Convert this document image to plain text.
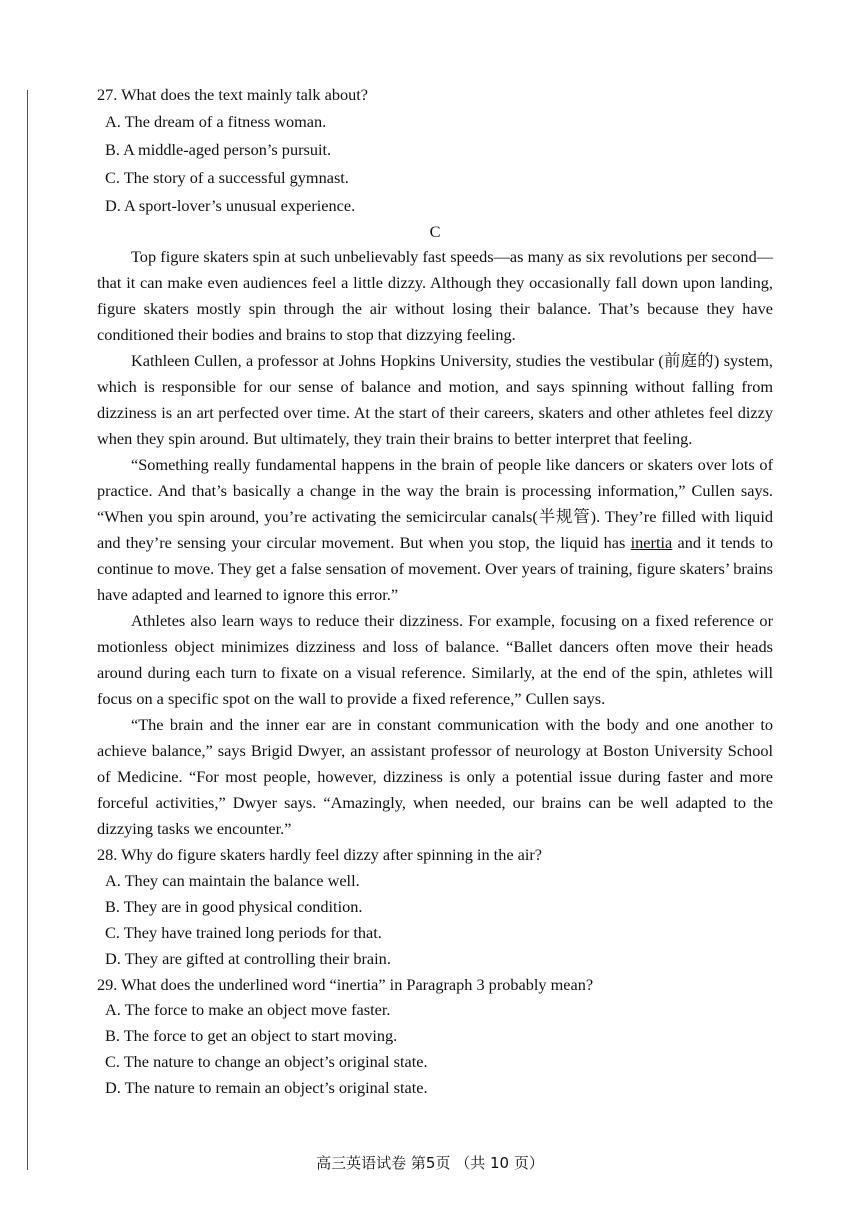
27. What does the text mainly talk about?

A. The dream of a fitness woman.

B. A middle-aged person’s pursuit.

C. The story of a successful gymnast.

D. A sport-lover’s unusual experience.

C

Top figure skaters spin at such unbelievably fast speeds—as many as six revolutions per second—that it can make even audiences feel a little dizzy. Although they occasionally fall down upon landing, figure skaters mostly spin through the air without losing their balance. That’s because they have conditioned their bodies and brains to stop that dizzying feeling.

Kathleen Cullen, a professor at Johns Hopkins University, studies the vestibular (前庭的) system, which is responsible for our sense of balance and motion, and says spinning without falling from dizziness is an art perfected over time. At the start of their careers, skaters and other athletes feel dizzy when they spin around. But ultimately, they train their brains to better interpret that feeling.

“Something really fundamental happens in the brain of people like dancers or skaters over lots of practice. And that’s basically a change in the way the brain is processing information,” Cullen says. “When you spin around, you’re activating the semicircular canals(半规管). They’re filled with liquid and they’re sensing your circular movement. But when you stop, the liquid has inertia and it tends to continue to move. They get a false sensation of movement. Over years of training, figure skaters’ brains have adapted and learned to ignore this error.”

Athletes also learn ways to reduce their dizziness. For example, focusing on a fixed reference or motionless object minimizes dizziness and loss of balance. “Ballet dancers often move their heads around during each turn to fixate on a visual reference. Similarly, at the end of the spin, athletes will focus on a specific spot on the wall to provide a fixed reference,” Cullen says.

“The brain and the inner ear are in constant communication with the body and one another to achieve balance,” says Brigid Dwyer, an assistant professor of neurology at Boston University School of Medicine. “For most people, however, dizziness is only a potential issue during faster and more forceful activities,” Dwyer says. “Amazingly, when needed, our brains can be well adapted to the dizzying tasks we encounter.”

28. Why do figure skaters hardly feel dizzy after spinning in the air?

A. They can maintain the balance well.

B. They are in good physical condition.

C. They have trained long periods for that.

D. They are gifted at controlling their brain.

29. What does the underlined word “inertia” in Paragraph 3 probably mean?

A. The force to make an object move faster.

B. The force to get an object to start moving.

C. The nature to change an object’s original state.

D. The nature to remain an object’s original state.

高三英语试卷 第5页 （共 10 页）
